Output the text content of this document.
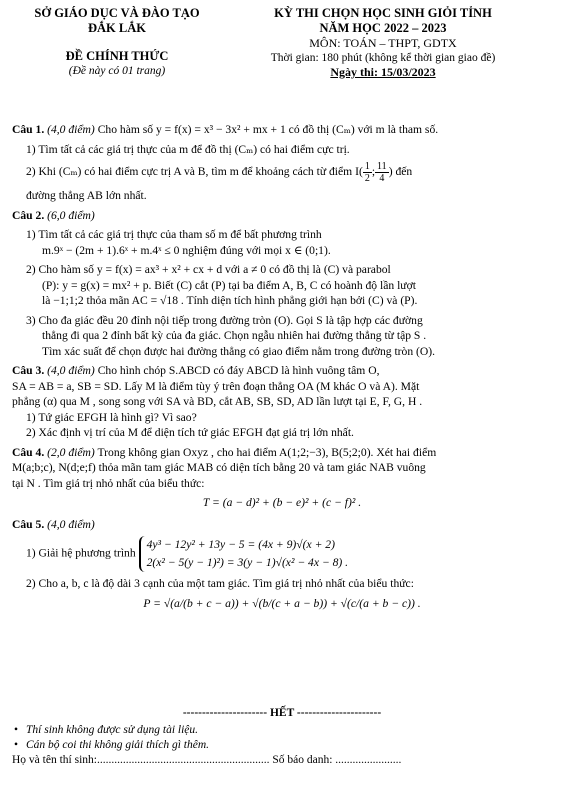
SỞ GIÁO DỤC VÀ ĐÀO TẠO
ĐẮK LẮK
ĐỀ CHÍNH THỨC
(Đề này có 01 trang)
KỲ THI CHỌN HỌC SINH GIỎI TỈNH
NĂM HỌC 2022 – 2023
MÔN: TOÁN – THPT, GDTX
Thời gian: 180 phút (không kể thời gian giao đề)
Ngày thi: 15/03/2023
Câu 1. (4,0 điểm) Cho hàm số y = f(x) = x³ − 3x² + mx + 1 có đồ thị (Cₘ) với m là tham số.
1) Tìm tất cả các giá trị thực của m để đồ thị (Cₘ) có hai điểm cực trị.
2) Khi (Cₘ) có hai điểm cực trị A và B, tìm m để khoảng cách từ điểm $I( \frac{1}{2}$ ; $\frac{11}{4}$ ) đến
đường thẳng AB lớn nhất.
Câu 2. (6,0 điểm)
1) Tìm tất cả các giá trị thực của tham số m để bất phương trình
m.9ˣ − (2m + 1).6ˣ + m.4ˣ ≤ 0 nghiệm đúng với mọi x ∈ (0;1).
2) Cho hàm số y = f(x) = ax³ + x² + cx + d với a ≠ 0 có đồ thị là (C) và parabol
(P): y = g(x) = mx² + p. Biết (C) cắt (P) tại ba điểm A, B, C có hoành độ lần lượt
là −1;1;2 thỏa mãn AC = √18 . Tính diện tích hình phẳng giới hạn bởi (C) và (P).
3) Cho đa giác đều 20 đỉnh nội tiếp trong đường tròn (O). Gọi S là tập hợp các đường
thẳng đi qua 2 đỉnh bất kỳ của đa giác. Chọn ngẫu nhiên hai đường thẳng từ tập S .
Tìm xác suất để chọn được hai đường thẳng có giao điểm nằm trong đường tròn (O).
Câu 3. (4,0 điểm) Cho hình chóp S.ABCD có đáy ABCD là hình vuông tâm O,
SA = AB = a, SB = SD. Lấy M là điểm tùy ý trên đoạn thẳng OA (M khác O và A). Mặt
phẳng (α) qua M , song song với SA và BD, cắt AB, SB, SD, AD lần lượt tại E, F, G, H .
1) Tứ giác EFGH là hình gì? Vì sao?
2) Xác định vị trí của M để diện tích tứ giác EFGH đạt giá trị lớn nhất.
Câu 4. (2,0 điểm) Trong không gian Oxyz , cho hai điểm A(1;2;−3), B(5;2;0). Xét hai điểm
M(a;b;c), N(d;e;f) thỏa mãn tam giác MAB có diện tích bằng 20 và tam giác NAB vuông
tại N . Tìm giá trị nhỏ nhất của biểu thức:
T = (a − d)² + (b − e)² + (c − f)² .
Câu 5. (4,0 điểm)
1) Giải hệ phương trình
4y³ − 12y² + 13y − 5 = (4x + 9)√(x + 2)
2(x² − 5(y − 1)²) = 3(y − 1)√(x² − 4x − 8) .
2) Cho a, b, c là độ dài 3 cạnh của một tam giác. Tìm giá trị nhỏ nhất của biểu thức:
P = √(a/(b + c − a)) + √(b/(c + a − b)) + √(c/(a + b − c)) .
---------------------- HẾT ----------------------
• Thí sinh không được sử dụng tài liệu.
• Cán bộ coi thi không giải thích gì thêm.
Họ và tên thí sinh:............................................................ Số báo danh: .......................
